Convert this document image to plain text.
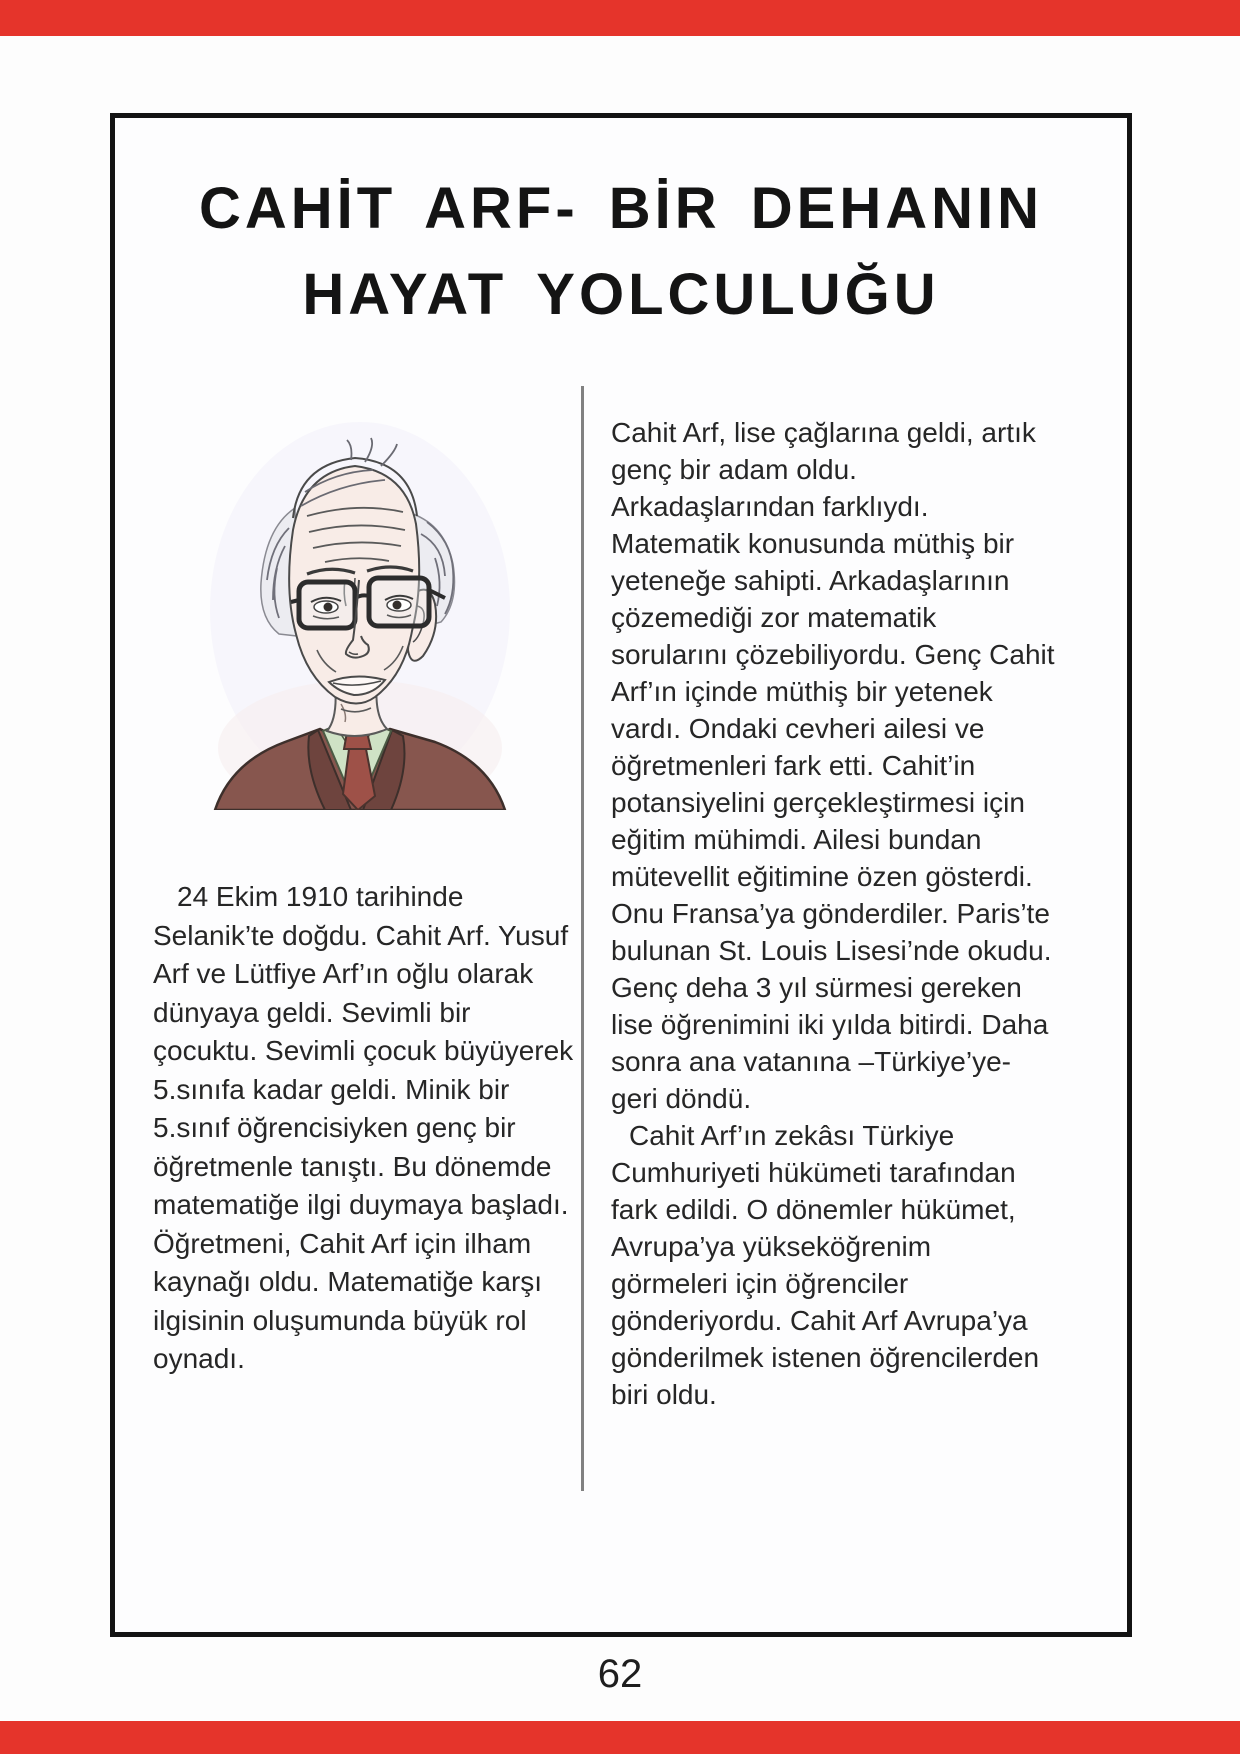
CAHİT ARF- BİR DEHANIN
HAYAT YOLCULUĞU

24 Ekim 1910 tarihinde Selanik’te doğdu. Cahit Arf. Yusuf Arf ve Lütfiye Arf’ın oğlu olarak dünyaya geldi. Sevimli bir çocuktu. Sevimli çocuk büyüyerek 5.sınıfa kadar geldi. Minik bir 5.sınıf öğrencisiyken genç bir öğretmenle tanıştı. Bu dönemde matematiğe ilgi duymaya başladı. Öğretmeni, Cahit Arf için ilham kaynağı oldu. Matematiğe karşı ilgisinin oluşumunda büyük rol oynadı.

Cahit Arf, lise çağlarına geldi, artık genç bir adam oldu. Arkadaşlarından farklıydı. Matematik konusunda müthiş bir yeteneğe sahipti. Arkadaşlarının çözemediği zor matematik sorularını çözebiliyordu. Genç Cahit Arf’ın içinde müthiş bir yetenek vardı. Ondaki cevheri ailesi ve öğretmenleri fark etti. Cahit’in potansiyelini gerçekleştirmesi için eğitim mühimdi. Ailesi bundan mütevellit eğitimine özen gösterdi. Onu Fransa’ya gönderdiler. Paris’te bulunan St. Louis Lisesi’nde okudu. Genç deha 3 yıl sürmesi gereken lise öğrenimini iki yılda bitirdi. Daha sonra ana vatanına –Türkiye’ye- geri döndü.

Cahit Arf’ın zekâsı Türkiye Cumhuriyeti hükümeti tarafından fark edildi. O dönemler hükümet, Avrupa’ya yükseköğrenim görmeleri için öğrenciler gönderiyordu. Cahit Arf Avrupa’ya gönderilmek istenen öğrencilerden biri oldu.

62
